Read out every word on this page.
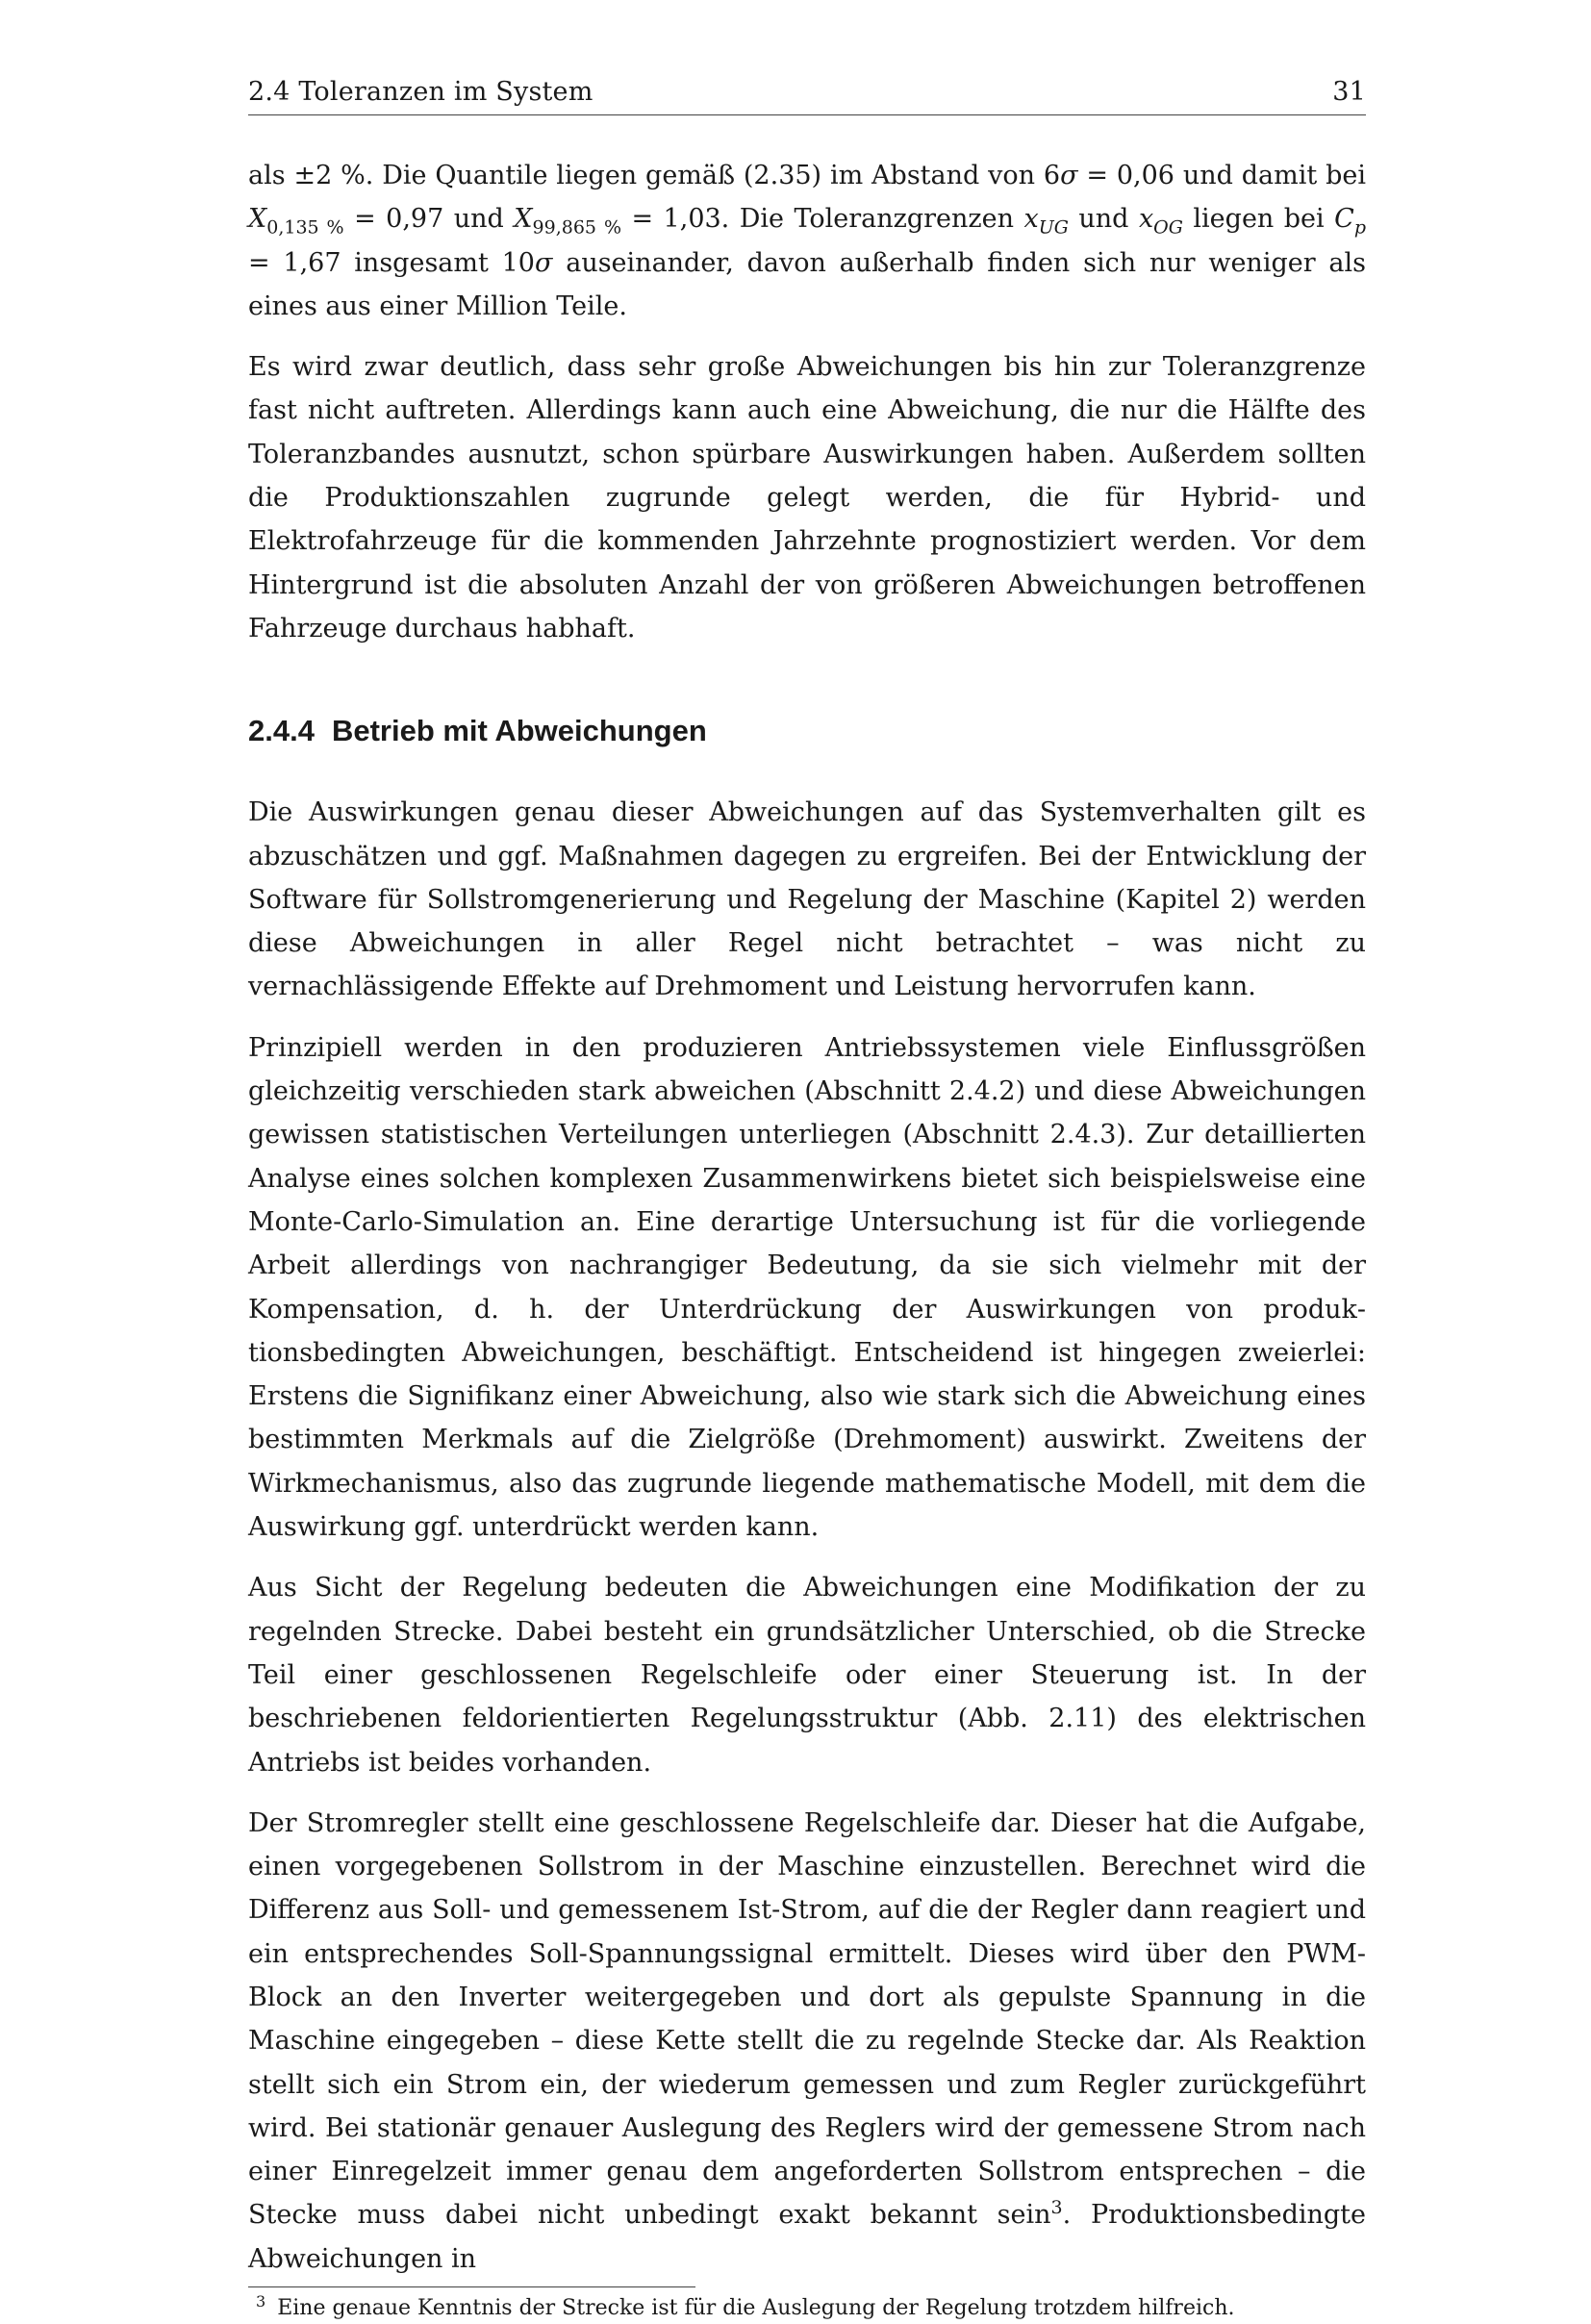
2.4 Toleranzen im System	31

als ±2 %. Die Quantile liegen gemäß (2.35) im Abstand von 6σ = 0,06 und damit bei $X_{0,135 \%} = 0,97$ und $X_{99,865 \%} = 1,03$. Die Toleranzgrenzen $x_{UG}$ und $x_{OG}$ liegen bei $C_p = 1,67$ insgesamt 10σ auseinander, davon außerhalb finden sich nur weniger als eines aus einer Million Teile.

Es wird zwar deutlich, dass sehr große Abweichungen bis hin zur Toleranzgrenze fast nicht auftreten. Allerdings kann auch eine Abweichung, die nur die Hälfte des Toleranzbandes ausnutzt, schon spürbare Auswirkungen haben. Außerdem sollten die Produktionszahlen zugrunde gelegt werden, die für Hybrid- und Elektrofahrzeuge für die kommenden Jahrzehnte prognostiziert werden. Vor dem Hintergrund ist die absoluten Anzahl der von größeren Abweichungen betroffenen Fahrzeuge durchaus habhaft.

2.4.4 Betrieb mit Abweichungen

Die Auswirkungen genau dieser Abweichungen auf das Systemverhalten gilt es abzuschätzen und ggf. Maßnahmen dagegen zu ergreifen. Bei der Entwicklung der Software für Sollstromgenerierung und Regelung der Maschine (Kapitel 2) werden diese Abweichungen in aller Regel nicht betrachtet – was nicht zu vernachlässigende Effekte auf Drehmoment und Leistung hervorrufen kann.

Prinzipiell werden in den produzieren Antriebssystemen viele Einflussgrößen gleichzeitig verschieden stark abweichen (Abschnitt 2.4.2) und diese Abweichungen gewissen statistischen Verteilungen unterliegen (Abschnitt 2.4.3). Zur detaillierten Analyse eines solchen komplexen Zusammenwirkens bietet sich beispielsweise eine Monte-Carlo-Simulation an. Eine derartige Untersuchung ist für die vorliegende Arbeit allerdings von nachrangiger Bedeutung, da sie sich vielmehr mit der Kompensation, d. h. der Unterdrückung der Auswirkungen von produktionsbedingten Abweichungen, beschäftigt. Entscheidend ist hingegen zweierlei: Erstens die Signifikanz einer Abweichung, also wie stark sich die Abweichung eines bestimmten Merkmals auf die Zielgröße (Drehmoment) auswirkt. Zweitens der Wirkmechanismus, also das zugrunde liegende mathematische Modell, mit dem die Auswirkung ggf. unterdrückt werden kann.

Aus Sicht der Regelung bedeuten die Abweichungen eine Modifikation der zu regelnden Strecke. Dabei besteht ein grundsätzlicher Unterschied, ob die Strecke Teil einer geschlossenen Regelschleife oder einer Steuerung ist. In der beschriebenen feldorientierten Regelungsstruktur (Abb. 2.11) des elektrischen Antriebs ist beides vorhanden.

Der Stromregler stellt eine geschlossene Regelschleife dar. Dieser hat die Aufgabe, einen vorgegebenen Sollstrom in der Maschine einzustellen. Berechnet wird die Differenz aus Soll- und gemessenem Ist-Strom, auf die der Regler dann reagiert und ein entsprechendes Soll-Spannungssignal ermittelt. Dieses wird über den PWM-Block an den Inverter weitergegeben und dort als gepulste Spannung in die Maschine eingegeben – diese Kette stellt die zu regelnde Stecke dar. Als Reaktion stellt sich ein Strom ein, der wiederum gemessen und zum Regler zurückgeführt wird. Bei stationär genauer Auslegung des Reglers wird der gemessene Strom nach einer Einregelzeit immer genau dem angeforderten Sollstrom entsprechen – die Stecke muss dabei nicht unbedingt exakt bekannt sein$^3$. Produktionsbedingte Abweichungen in

$^3$ Eine genaue Kenntnis der Strecke ist für die Auslegung der Regelung trotzdem hilfreich.
